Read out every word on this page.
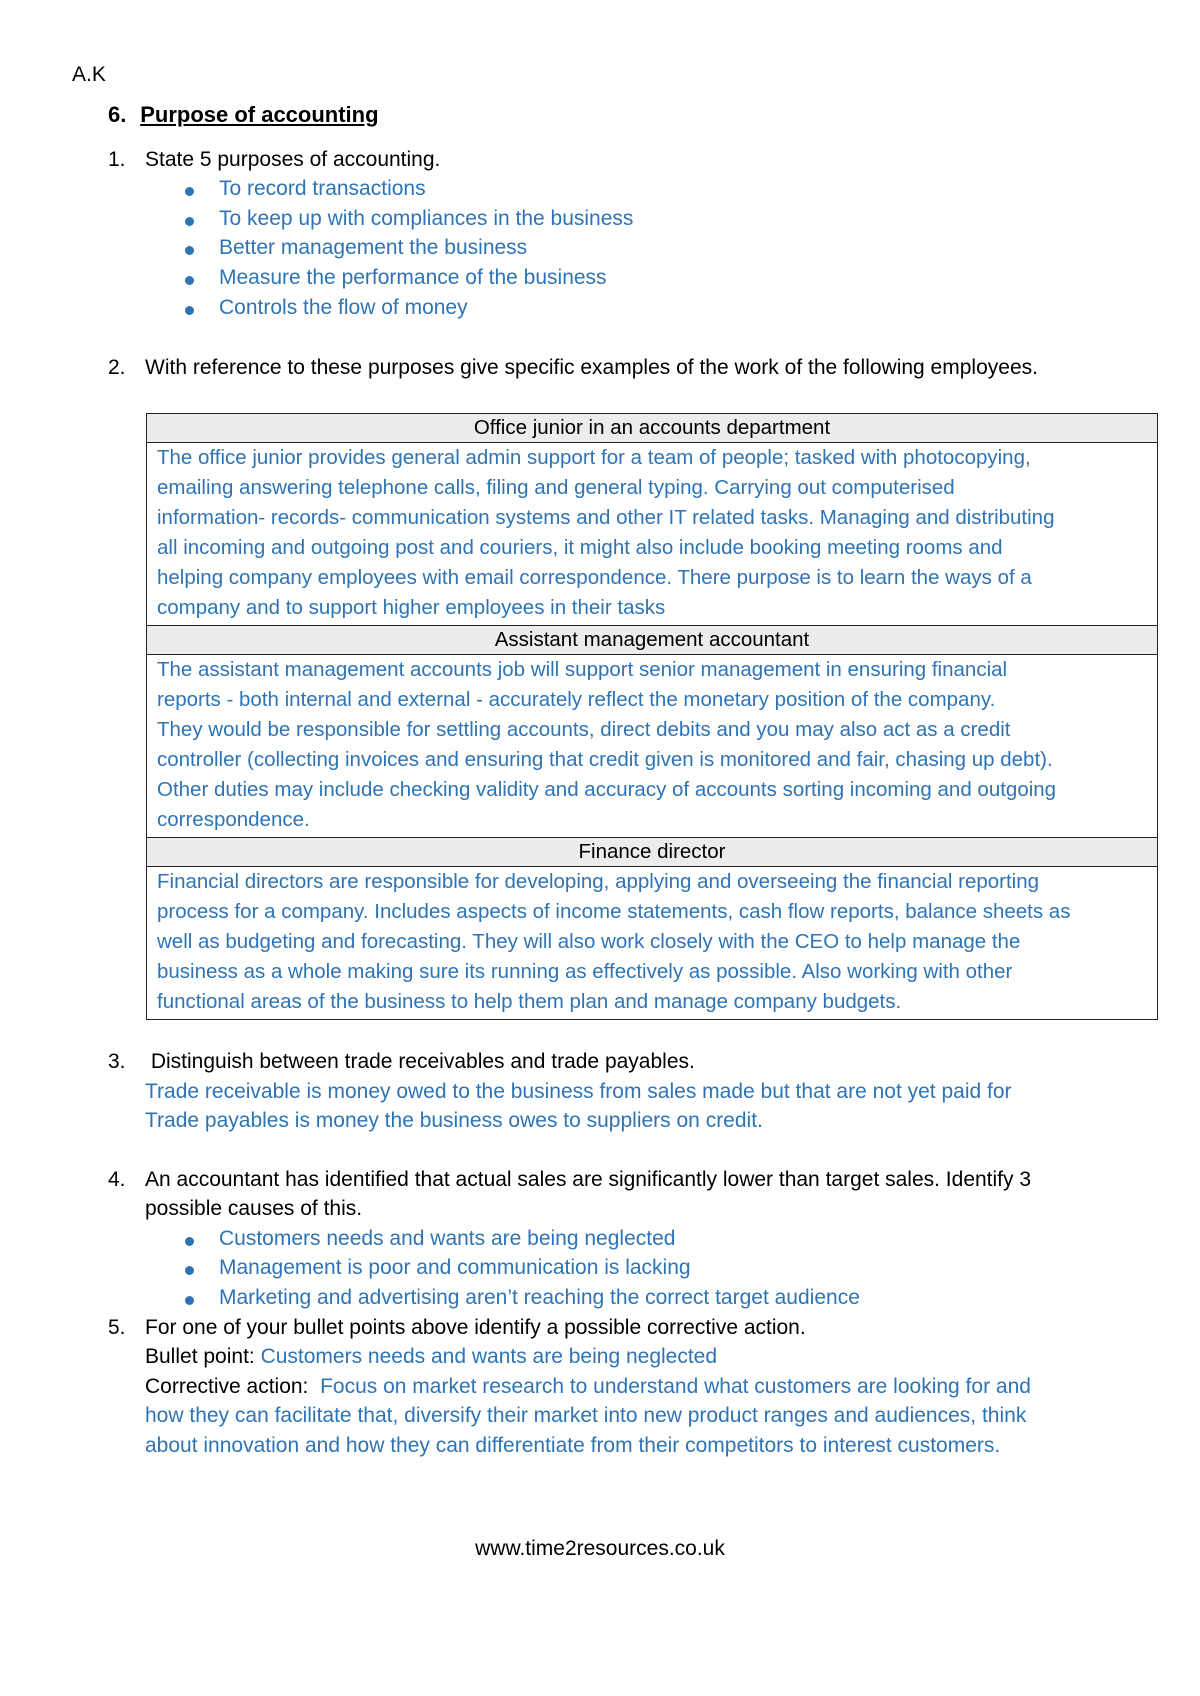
A.K
6. Purpose of accounting
1. State 5 purposes of accounting.
To record transactions
To keep up with compliances in the business
Better management the business
Measure the performance of the business
Controls the flow of money
2. With reference to these purposes give specific examples of the work of the following employees.
Office junior in an accounts department

The office junior provides general admin support for a team of people; tasked with photocopying,
emailing answering telephone calls, filing and general typing. Carrying out computerised
information- records- communication systems and other IT related tasks. Managing and distributing
all incoming and outgoing post and couriers, it might also include booking meeting rooms and
helping company employees with email correspondence. There purpose is to learn the ways of a
company and to support higher employees in their tasks

Assistant management accountant

The assistant management accounts job will support senior management in ensuring financial
reports - both internal and external - accurately reflect the monetary position of the company.
They would be responsible for settling accounts, direct debits and you may also act as a credit
controller (collecting invoices and ensuring that credit given is monitored and fair, chasing up debt).
Other duties may include checking validity and accuracy of accounts sorting incoming and outgoing
correspondence.

Finance director

Financial directors are responsible for developing, applying and overseeing the financial reporting
process for a company. Includes aspects of income statements, cash flow reports, balance sheets as
well as budgeting and forecasting. They will also work closely with the CEO to help manage the
business as a whole making sure its running as effectively as possible. Also working with other
functional areas of the business to help them plan and manage company budgets.
3. Distinguish between trade receivables and trade payables.
Trade receivable is money owed to the business from sales made but that are not yet paid for
Trade payables is money the business owes to suppliers on credit.
4. An accountant has identified that actual sales are significantly lower than target sales. Identify 3
possible causes of this.
Customers needs and wants are being neglected
Management is poor and communication is lacking
Marketing and advertising aren’t reaching the correct target audience
5. For one of your bullet points above identify a possible corrective action.
Bullet point: Customers needs and wants are being neglected
Corrective action:  Focus on market research to understand what customers are looking for and
how they can facilitate that, diversify their market into new product ranges and audiences, think
about innovation and how they can differentiate from their competitors to interest customers.
www.time2resources.co.uk
